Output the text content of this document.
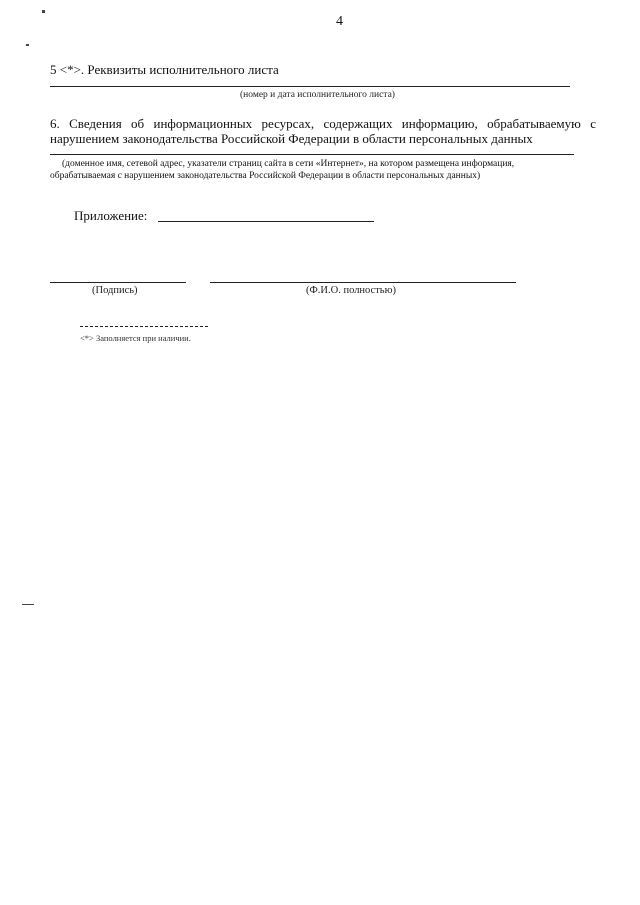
4
5 <*>. Реквизиты исполнительного листа
(номер и дата исполнительного листа)
6. Сведения об информационных ресурсах, содержащих информацию, обрабатываемую с
нарушением законодательства Российской Федерации в области персональных данных
(доменное имя, сетевой адрес, указатели страниц сайта в сети «Интернет», на котором размещена информация,
обрабатываемая с нарушением законодательства Российской Федерации в области персональных данных)
Приложение:
(Подпись)	(Ф.И.О. полностью)
<*> Заполняется при наличии.
